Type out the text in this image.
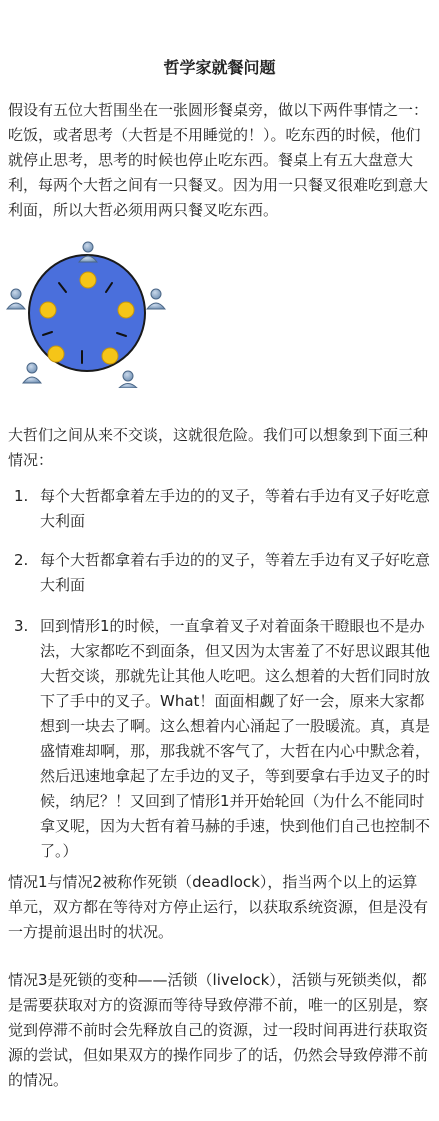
哲学家就餐问题

假设有五位大哲围坐在一张圆形餐桌旁，做以下两件事情之一：吃饭，或者思考（大哲是不用睡觉的！）。吃东西的时候，他们就停止思考，思考的时候也停止吃东西。餐桌上有五大盘意大利，每两个大哲之间有一只餐叉。因为用一只餐叉很难吃到意大利面，所以大哲必须用两只餐叉吃东西。

大哲们之间从来不交谈，这就很危险。我们可以想象到下面三种情况：

1. 每个大哲都拿着左手边的的叉子，等着右手边有叉子好吃意大利面
2. 每个大哲都拿着右手边的的叉子，等着左手边有叉子好吃意大利面
3. 回到情形1的时候，一直拿着叉子对着面条干瞪眼也不是办法，大家都吃不到面条，但又因为太害羞了不好思议跟其他大哲交谈，那就先让其他人吃吧。这么想着的大哲们同时放下了手中的叉子。What！面面相觑了好一会，原来大家都想到一块去了啊。这么想着内心涌起了一股暖流。真，真是盛情难却啊，那，那我就不客气了，大哲在内心中默念着，然后迅速地拿起了左手边的叉子，等到要拿右手边叉子的时候，纳尼？！又回到了情形1并开始轮回（为什么不能同时拿叉呢，因为大哲有着马赫的手速，快到他们自己也控制不了。）

情况1与情况2被称作死锁（deadlock），指当两个以上的运算单元，双方都在等待对方停止运行，以获取系统资源，但是没有一方提前退出时的状况。

情况3是死锁的变种——活锁（livelock），活锁与死锁类似，都是需要获取对方的资源而等待导致停滞不前，唯一的区别是，察觉到停滞不前时会先释放自己的资源，过一段时间再进行获取资源的尝试，但如果双方的操作同步了的话，仍然会导致停滞不前的情况。
